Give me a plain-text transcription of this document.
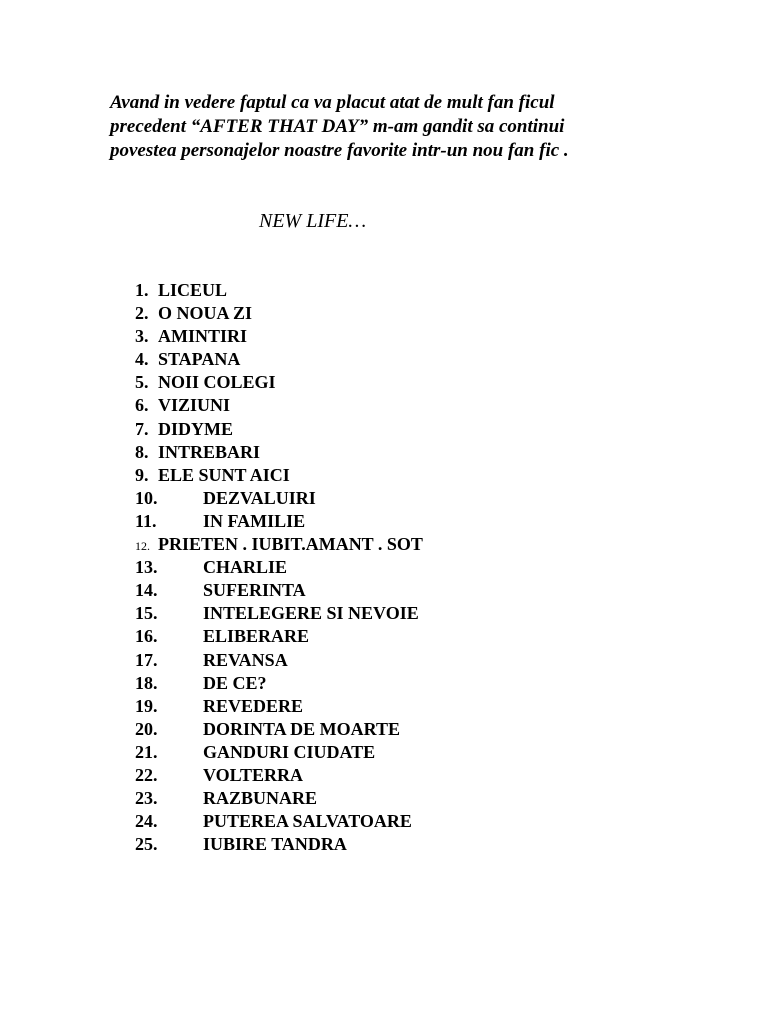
Avand in vedere faptul ca va placut atat de mult fan ficul
precedent “AFTER THAT DAY” m-am gandit sa continui
povestea personajelor noastre favorite intr-un nou fan fic .

NEW LIFE…
1. LICEUL
2. O NOUA ZI
3. AMINTIRI
4. STAPANA
5. NOII COLEGI
6. VIZIUNI
7. DIDYME
8. INTREBARI
9. ELE SUNT AICI
10.	DEZVALUIRI
11.	IN FAMILIE
12. PRIETEN . IUBIT.AMANT . SOT
13.	CHARLIE
14.	SUFERINTA
15.	INTELEGERE SI NEVOIE
16.	ELIBERARE
17.	REVANSA
18.	DE CE?
19.	REVEDERE
20.	DORINTA DE MOARTE
21.	GANDURI CIUDATE
22.	VOLTERRA
23.	RAZBUNARE
24.	PUTEREA SALVATOARE
25.	IUBIRE TANDRA
